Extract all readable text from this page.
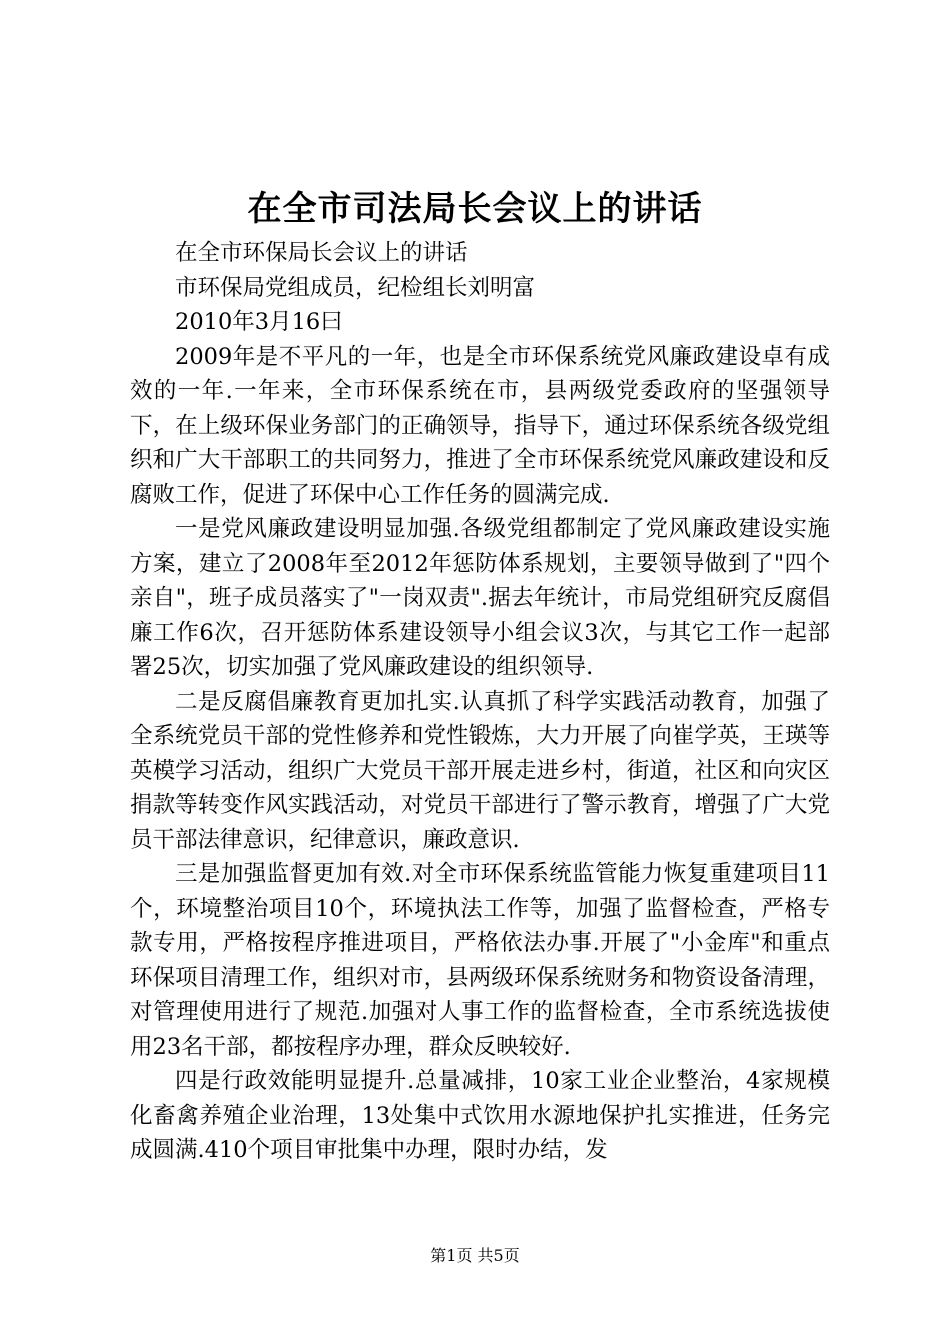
在全市司法局长会议上的讲话

在全市环保局长会议上的讲话

市环保局党组成员，纪检组长刘明富

2010年3月16曰

2009年是不平凡的一年，也是全市环保系统党风廉政建设卓有成效的一年.一年来，全市环保系统在市，县两级党委政府的坚强领导下，在上级环保业务部门的正确领导，指导下，通过环保系统各级党组织和广大干部职工的共同努力，推进了全市环保系统党风廉政建设和反腐败工作，促进了环保中心工作任务的圆满完成.

一是党风廉政建设明显加强.各级党组都制定了党风廉政建设实施方案，建立了2008年至2012年惩防体系规划，主要领导做到了"四个亲自"，班子成员落实了"一岗双责".据去年统计，市局党组研究反腐倡廉工作6次，召开惩防体系建设领导小组会议3次，与其它工作一起部署25次，切实加强了党风廉政建设的组织领导.

二是反腐倡廉教育更加扎实.认真抓了科学实践活动教育，加强了全系统党员干部的党性修养和党性锻炼，大力开展了向崔学英，王瑛等英模学习活动，组织广大党员干部开展走进乡村，街道，社区和向灾区捐款等转变作风实践活动，对党员干部进行了警示教育，增强了广大党员干部法律意识，纪律意识，廉政意识.

三是加强监督更加有效.对全市环保系统监管能力恢复重建项目11个，环境整治项目10个，环境执法工作等，加强了监督检查，严格专款专用，严格按程序推进项目，严格依法办事.开展了"小金库"和重点环保项目清理工作，组织对市，县两级环保系统财务和物资设备清理，对管理使用进行了规范.加强对人事工作的监督检查，全市系统选拔使用23名干部，都按程序办理，群众反映较好.

四是行政效能明显提升.总量减排，10家工业企业整治，4家规模化畜禽养殖企业治理，13处集中式饮用水源地保护扎实推进，任务完成圆满.410个项目审批集中办理，限时办结，发

第1页 共5页
